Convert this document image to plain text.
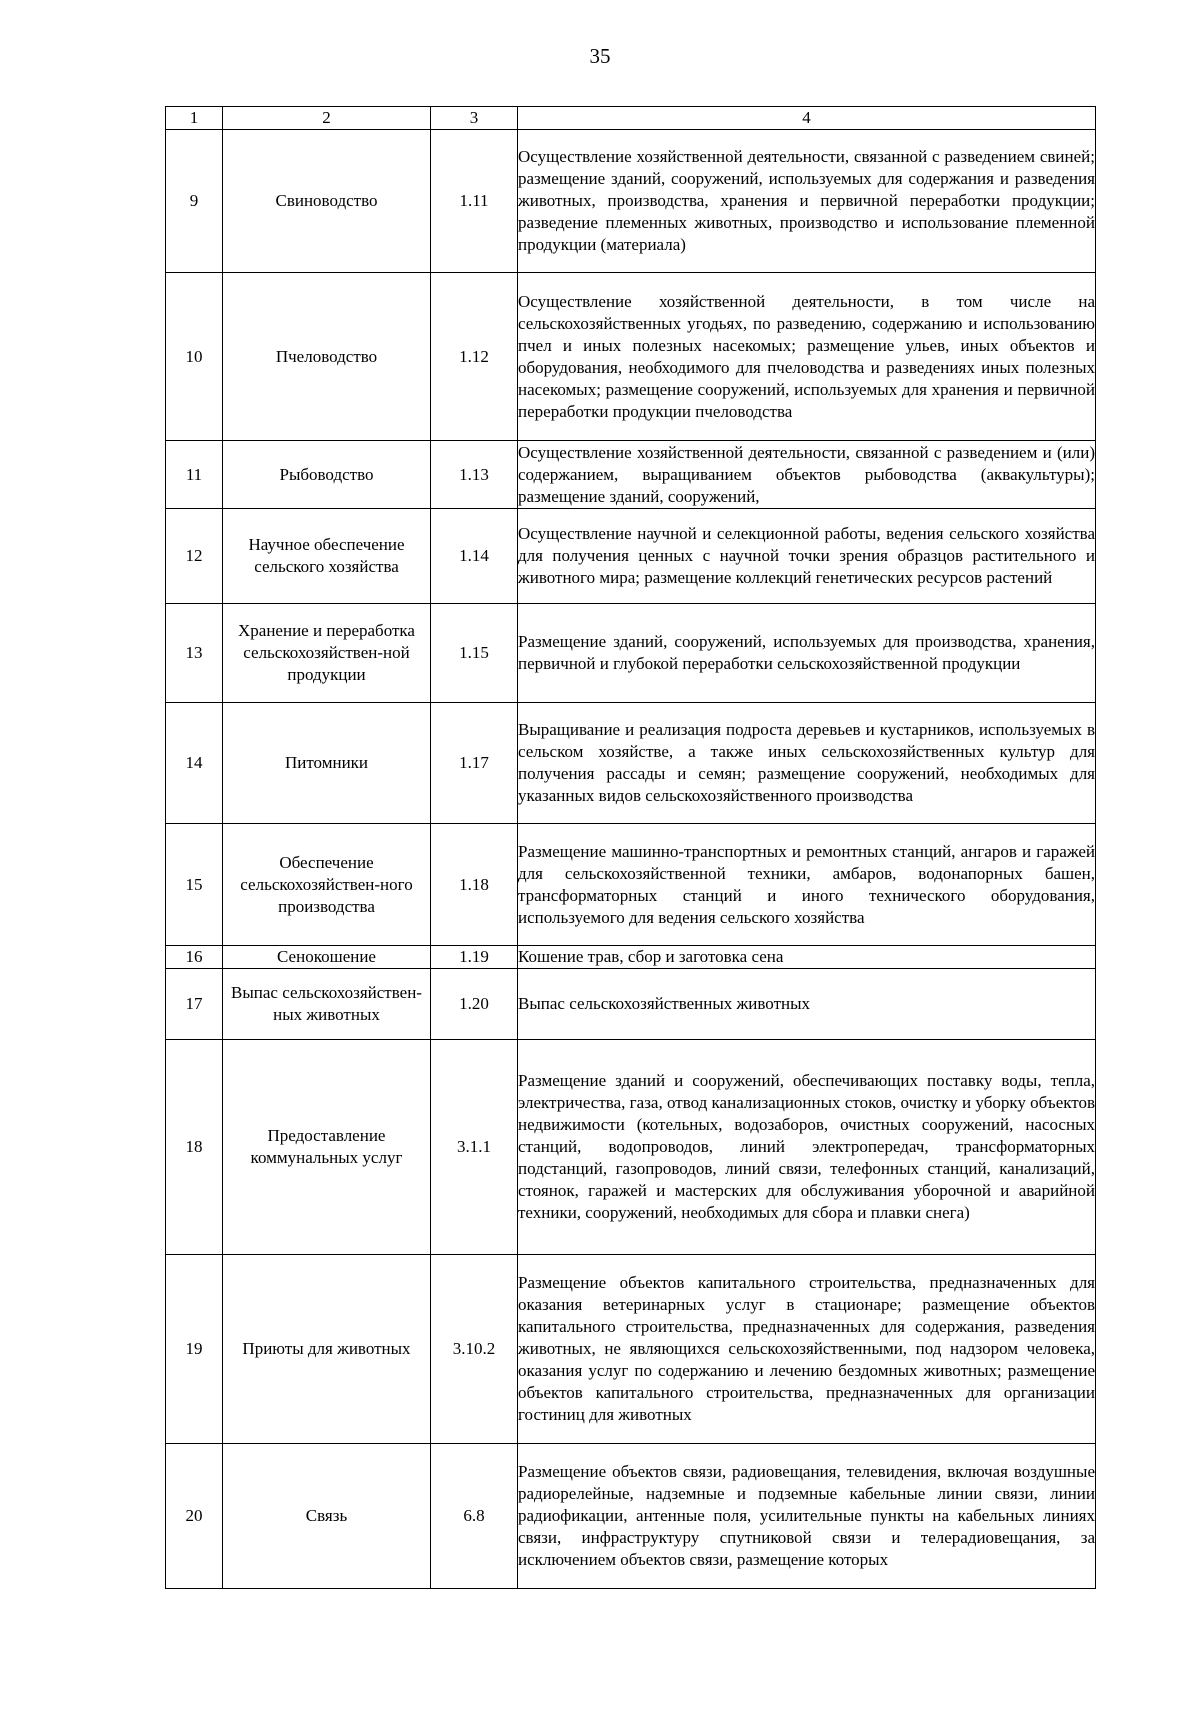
35
1	2	3	4
9	Свиноводство	1.11	Осуществление хозяйственной деятельности, связанной с разведением свиней; размещение зданий, сооружений, используемых для содержания и разведения животных, производства, хранения и первичной переработки продукции; разведение племенных животных, производство и использование племенной продукции (материала)
10	Пчеловодство	1.12	Осуществление хозяйственной деятельности, в том числе на сельскохозяйственных угодьях, по разведению, содержанию и использованию пчел и иных полезных насекомых; размещение ульев, иных объектов и оборудования, необходимого для пчеловодства и разведениях иных полезных насекомых; размещение сооружений, используемых для хранения и первичной переработки продукции пчеловодства
11	Рыбоводство	1.13	Осуществление хозяйственной деятельности, связанной с разведением и (или) содержанием, выращиванием объектов рыбоводства (аквакультуры); размещение зданий, сооружений,
12	Научное обеспечение сельского хозяйства	1.14	Осуществление научной и селекционной работы, ведения сельского хозяйства для получения ценных с научной точки зрения образцов растительного и животного мира; размещение коллекций генетических ресурсов растений
13	Хранение и переработка сельскохозяйствен-ной продукции	1.15	Размещение зданий, сооружений, используемых для производства, хранения, первичной и глубокой переработки сельскохозяйственной продукции
14	Питомники	1.17	Выращивание и реализация подроста деревьев и кустарников, используемых в сельском хозяйстве, а также иных сельскохозяйственных культур для получения рассады и семян; размещение сооружений, необходимых для указанных видов сельскохозяйственного производства
15	Обеспечение сельскохозяйствен-ного производства	1.18	Размещение машинно-транспортных и ремонтных станций, ангаров и гаражей для сельскохозяйственной техники, амбаров, водонапорных башен, трансформаторных станций и иного технического оборудования, используемого для ведения сельского хозяйства
16	Сенокошение	1.19	Кошение трав, сбор и заготовка сена
17	Выпас сельскохозяйствен-ных животных	1.20	Выпас сельскохозяйственных животных
18	Предоставление коммунальных услуг	3.1.1	Размещение зданий и сооружений, обеспечивающих поставку воды, тепла, электричества, газа, отвод канализационных стоков, очистку и уборку объектов недвижимости (котельных, водозаборов, очистных сооружений, насосных станций, водопроводов, линий электропередач, трансформаторных подстанций, газопроводов, линий связи, телефонных станций, канализаций, стоянок, гаражей и мастерских для обслуживания уборочной и аварийной техники, сооружений, необходимых для сбора и плавки снега)
19	Приюты для животных	3.10.2	Размещение объектов капитального строительства, предназначенных для оказания ветеринарных услуг в стационаре; размещение объектов капитального строительства, предназначенных для содержания, разведения животных, не являющихся сельскохозяйственными, под надзором человека, оказания услуг по содержанию и лечению бездомных животных; размещение объектов капитального строительства, предназначенных для организации гостиниц для животных
20	Связь	6.8	Размещение объектов связи, радиовещания, телевидения, включая воздушные радиорелейные, надземные и подземные кабельные линии связи, линии радиофикации, антенные поля, усилительные пункты на кабельных линиях связи, инфраструктуру спутниковой связи и телерадиовещания, за исключением объектов связи, размещение которых
